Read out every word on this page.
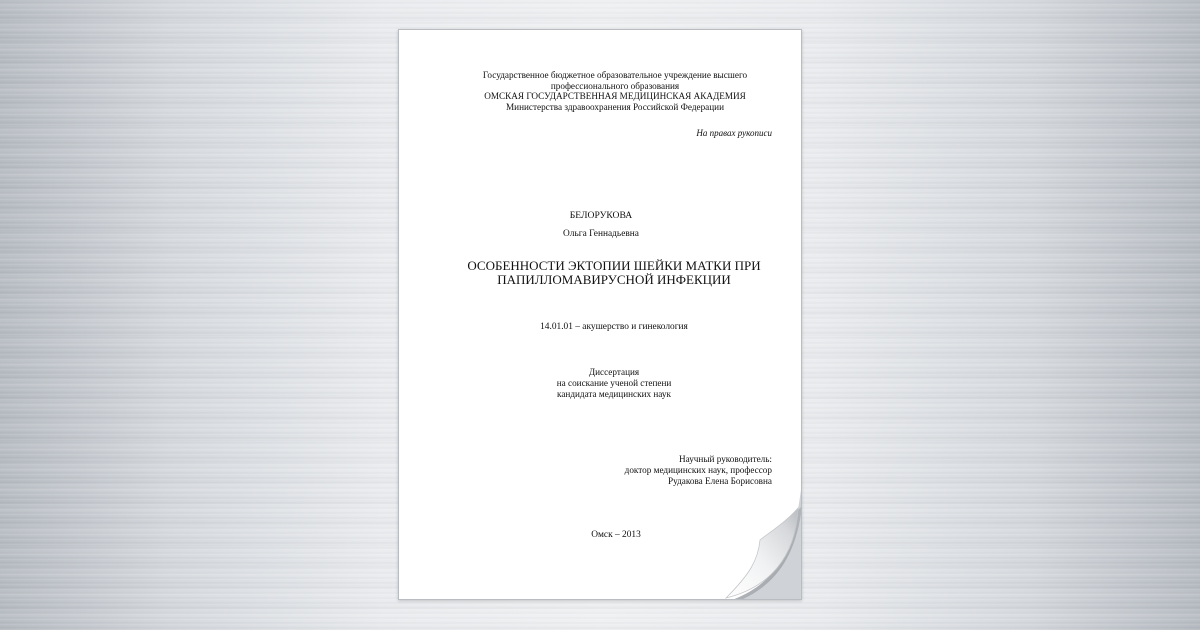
Государственное бюджетное образовательное учреждение высшего
профессионального образования
ОМСКАЯ ГОСУДАРСТВЕННАЯ МЕДИЦИНСКАЯ АКАДЕМИЯ
Министерства здравоохранения Российской Федерации

На правах рукописи

БЕЛОРУКОВА

Ольга Геннадьевна

ОСОБЕННОСТИ ЭКТОПИИ ШЕЙКИ МАТКИ ПРИ
ПАПИЛЛОМАВИРУСНОЙ ИНФЕКЦИИ

14.01.01 – акушерство и гинекология

Диссертация
на соискание ученой степени
кандидата медицинских наук
Научный руководитель:
доктор медицинских наук, профессор
Рудакова Елена Борисовна

Омск – 2013
